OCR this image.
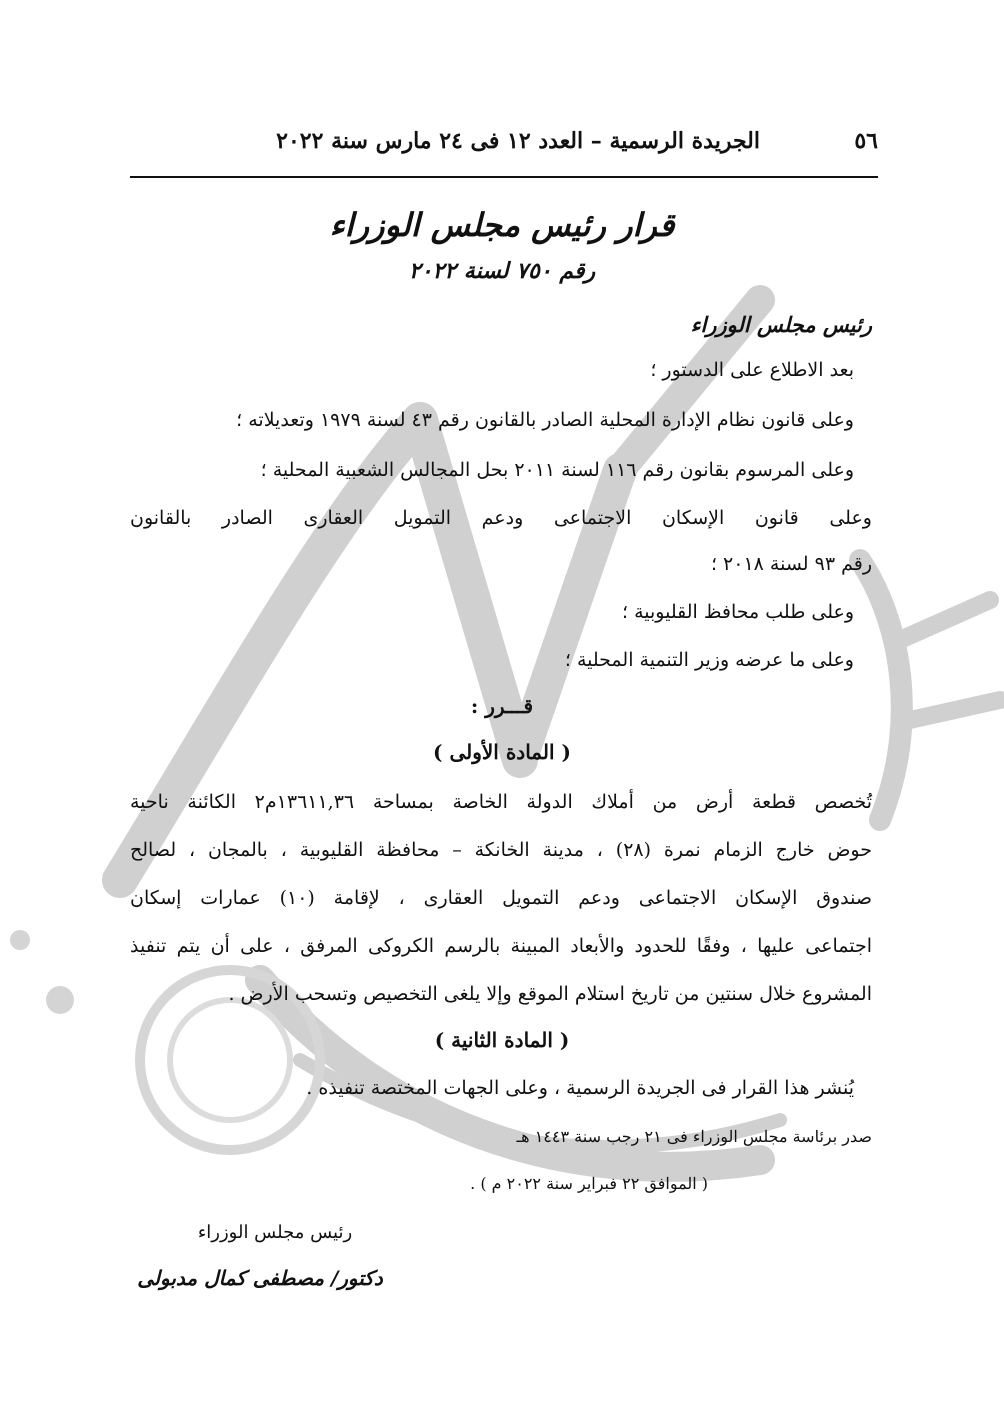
٥٦
الجريدة الرسمية – العدد ١٢ فى ٢٤ مارس سنة ٢٠٢٢
قرار رئيس مجلس الوزراء
رقم ٧٥٠ لسنة ٢٠٢٢
رئيس مجلس الوزراء
بعد الاطلاع على الدستور ؛
وعلى قانون نظام الإدارة المحلية الصادر بالقانون رقم ٤٣ لسنة ١٩٧٩ وتعديلاته ؛
وعلى المرسوم بقانون رقم ١١٦ لسنة ٢٠١١ بحل المجالس الشعبية المحلية ؛
وعلى قانون الإسكان الاجتماعى ودعم التمويل العقارى الصادر بالقانون
رقم ٩٣ لسنة ٢٠١٨ ؛
وعلى طلب محافظ القليوبية ؛
وعلى ما عرضه وزير التنمية المحلية ؛
قـــرر :
( المادة الأولى )
تُخصص قطعة أرض من أملاك الدولة الخاصة بمساحة ١٣٦١١,٣٦م٢ الكائنة ناحية
حوض خارج الزمام نمرة (٢٨) ، مدينة الخانكة – محافظة القليوبية ، بالمجان ، لصالح
صندوق الإسكان الاجتماعى ودعم التمويل العقارى ، لإقامة (١٠) عمارات إسكان
اجتماعى عليها ، وفقًا للحدود والأبعاد المبينة بالرسم الكروكى المرفق ، على أن يتم تنفيذ
المشروع خلال سنتين من تاريخ استلام الموقع وإلا يلغى التخصيص وتسحب الأرض .
( المادة الثانية )
يُنشر هذا القرار فى الجريدة الرسمية ، وعلى الجهات المختصة تنفيذه .
صدر برئاسة مجلس الوزراء فى ٢١ رجب سنة ١٤٤٣ هـ
( الموافق ٢٢ فبراير سنة ٢٠٢٢ م ) .
رئيس مجلس الوزراء
دكتور/ مصطفى كمال مدبولى
